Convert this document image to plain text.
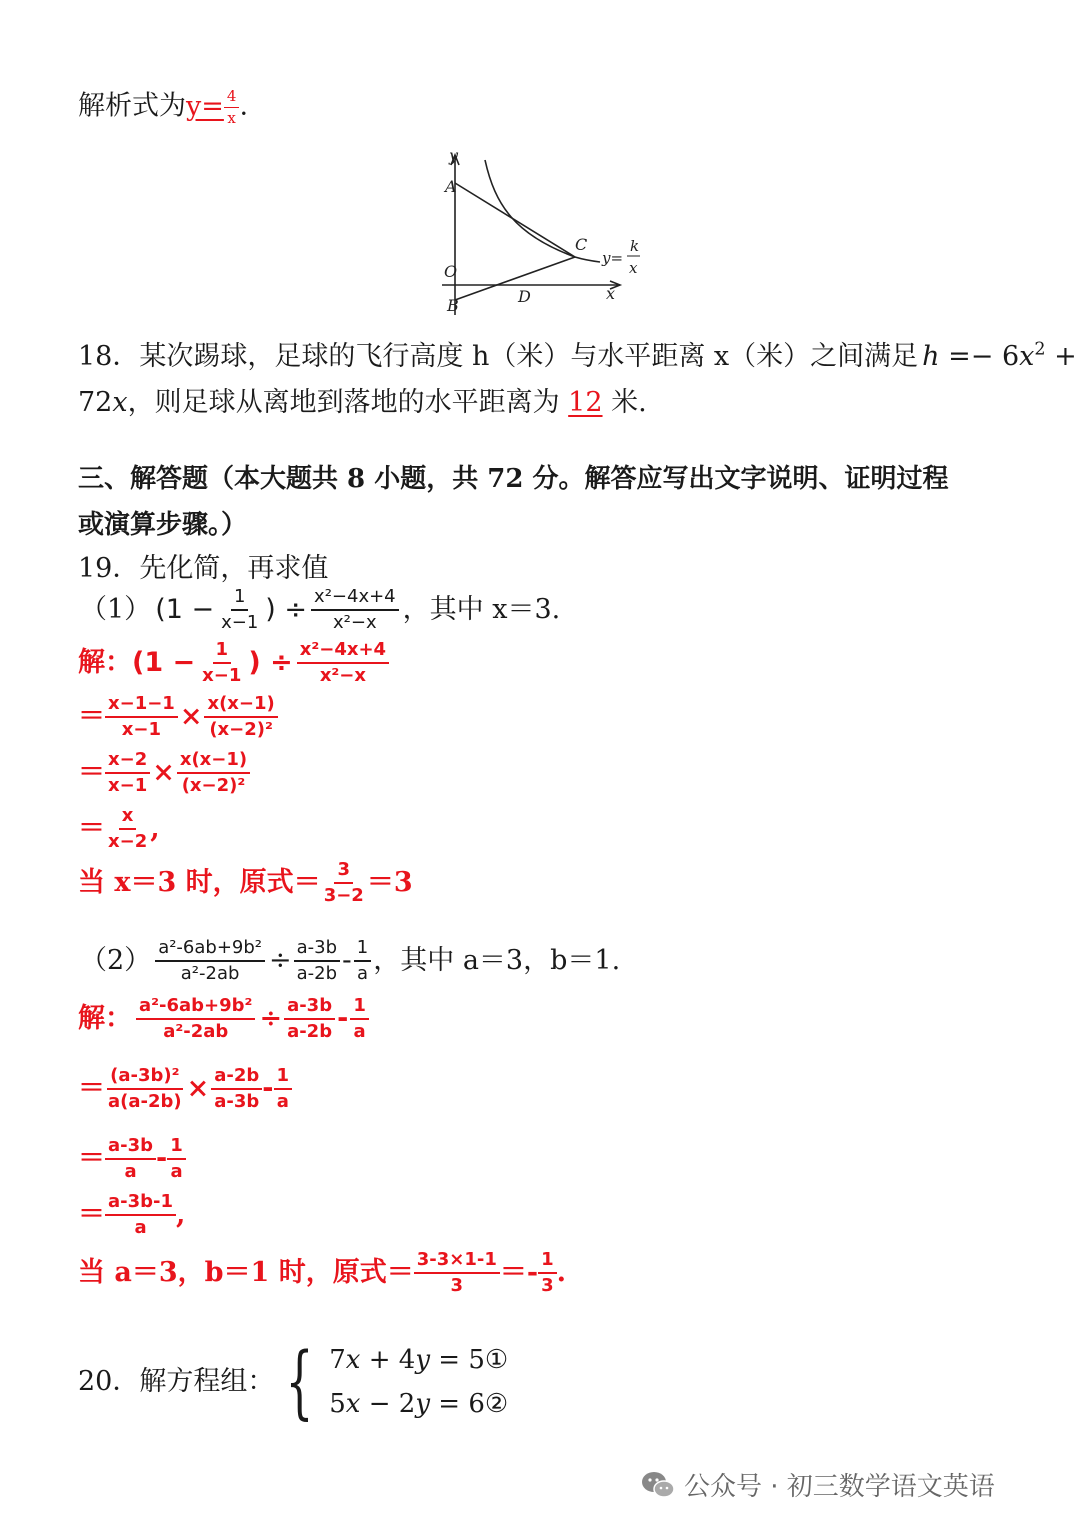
解析式为$y= \frac{4}{x}$ .
y
x
A
O
B
C
D
y=
k
x
18．某次踢球，足球的飞行高度 h（米）与水平距离 x（米）之间满足 ℎ =− 6𝑥$^2$ +
72𝑥，则足球从离地到落地的水平距离为 12 米.
三、解答题（本大题共 8 小题，共 72 分。解答应写出文字说明、证明过程
或演算步骤。）
19．先化简，再求值
（1） ($1 - \frac{1}{x-1}$ ) ÷ $\frac{\text{x²−4x+4}}{\text{x²−x}}$ ，其中 x＝3.
解： ($1 - \frac{1}{x-1}$ ) ÷ $\frac{\text{x²−4x+4}}{\text{x²−x}}$
＝ $\frac{x-1-1}{x-1} \times \frac{x(x-1)}{\text{(x−2)²}}$
＝ $\frac{x-2}{x-1} \times \frac{x(x-1)}{\text{(x−2)²}}$
＝ $\frac{x}{x-2}$ ,
当 x＝3 时，原式＝ $\frac{3}{3-2} =3$
$(2) \frac{\text{a²-6ab+9b²}}{\text{a²-2ab}} \div \frac{a-3b}{a-2b} - \frac{1}{a}$ ，其中 a＝3，b＝1.
解： $\frac{\text{a²-6ab+9b²}}{\text{a²-2ab}} \div \frac{a-3b}{a-2b} - \frac{1}{a}$
＝ $\frac{\text{(a-3b)²}}{a(a-2b)} \times \frac{a-2b}{a-3b} - \frac{1}{a}$
＝ $\frac{a-3b}{a} - \frac{1}{a}$
＝ $\frac{a-3b-1}{a}$ ,
当 a＝3，b＝1 时，原式＝ $\frac{3-3\times 1-1}{3} =- \frac{1}{3}$ .
20．解方程组： { 7𝑥 + 4𝑦 = 5①
5𝑥 − 2𝑦 = 6②
公众号 · 初三数学语文英语
